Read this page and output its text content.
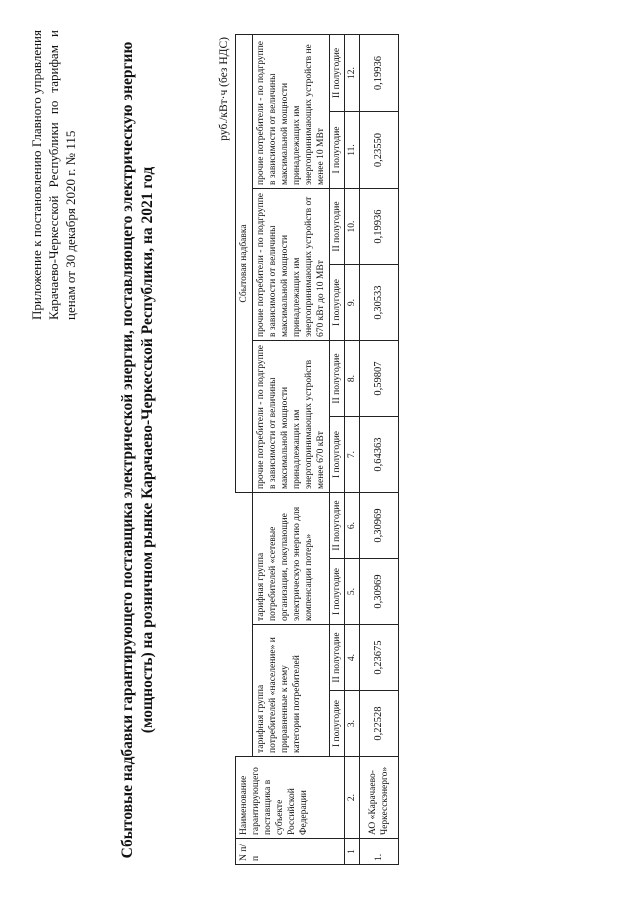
Приложение к постановлению Главного управления Карачаево-Черкесской Республики по тарифам и ценам от 30 декабря 2020 г. № 115	Сбытовые надбавки гарантирующего поставщика электрической энергии, поставляющего электрическую энергию (мощность) на розничном рынке Карачаево-Черкесской Республики, на 2021 год
руб./кВт·ч (без НДС)
N п/п	Наименование гарантирующего поставщика в субъекте Российской Федерации					Сбытовая надбавка					
		тарифная группа потребителей «население» и приравненные к нему категории потребителей		тарифная группа потребителей «сетевые организации, покупающие электрическую энергию для компенсации потерь»		прочие потребители - по подгруппе в зависимости от величины максимальной мощности принадлежащих им энергопринимающих устройств менее 670 кВт		прочие потребители - по подгруппе в зависимости от величины максимальной мощности принадлежащих им энергопринимающих устройств от 670 кВт до 10 МВт		прочие потребители - по подгруппе в зависимости от величины максимальной мощности принадлежащих им энергопринимающих устройств не менее 10 МВт	
		I полугодие	II полугодие	I полугодие	II полугодие	I полугодие	II полугодие	I полугодие	II полугодие	I полугодие	II полугодие
1	2.	3.	4.	5.	6.	7.	8.	9.	10.	11.	12.
1.	АО «Карачаево-Черкесскэнерго»	0,22528	0,23675	0,30969	0,30969	0,64363	0,59807	0,30533	0,19936	0,23550	0,19936
